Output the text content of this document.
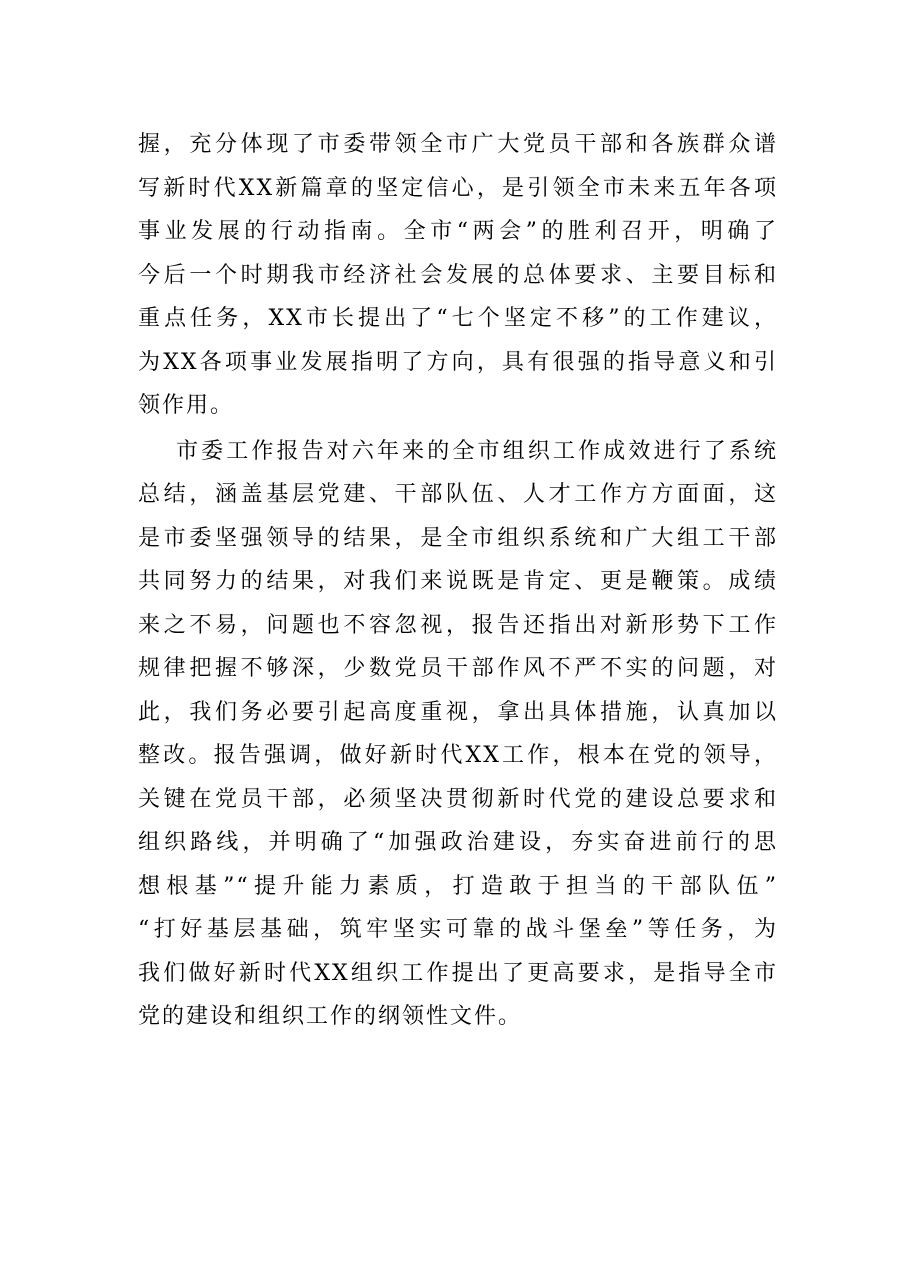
握，充分体现了市委带领全市广大党员干部和各族群众谱
写新时代XX新篇章的坚定信心，是引领全市未来五年各项
事业发展的行动指南。全市“两会”的胜利召开，明确了
今后一个时期我市经济社会发展的总体要求、主要目标和
重点任务，XX市长提出了“七个坚定不移”的工作建议，
为XX各项事业发展指明了方向，具有很强的指导意义和引
领作用。
市委工作报告对六年来的全市组织工作成效进行了系统
总结，涵盖基层党建、干部队伍、人才工作方方面面，这
是市委坚强领导的结果，是全市组织系统和广大组工干部
共同努力的结果，对我们来说既是肯定、更是鞭策。成绩
来之不易，问题也不容忽视，报告还指出对新形势下工作
规律把握不够深，少数党员干部作风不严不实的问题，对
此，我们务必要引起高度重视，拿出具体措施，认真加以
整改。报告强调，做好新时代XX工作，根本在党的领导，
关键在党员干部，必须坚决贯彻新时代党的建设总要求和
组织路线，并明确了“加强政治建设，夯实奋进前行的思
想根基”“提升能力素质，打造敢于担当的干部队伍”
“打好基层基础，筑牢坚实可靠的战斗堡垒”等任务，为
我们做好新时代XX组织工作提出了更高要求，是指导全市
党的建设和组织工作的纲领性文件。
